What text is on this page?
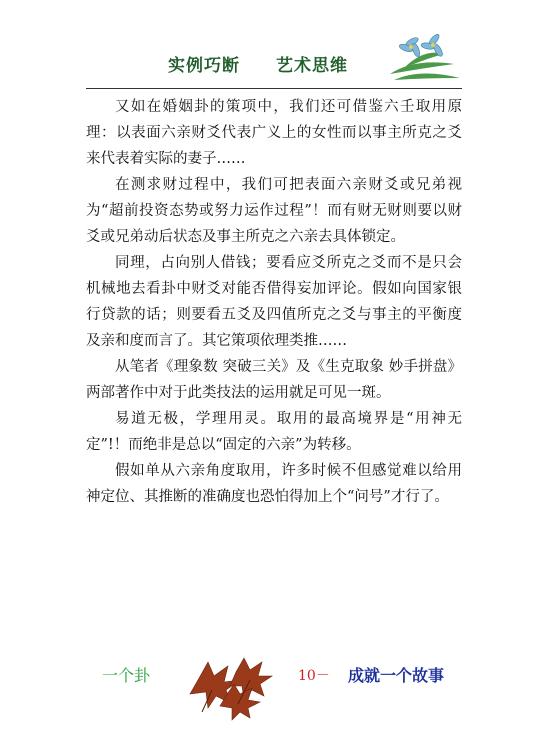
实例巧断 艺术思维

又如在婚姻卦的策项中，我们还可借鉴六壬取用原理：以表面六亲财爻代表广义上的女性而以事主所克之爻来代表着实际的妻子……

在测求财过程中，我们可把表面六亲财爻或兄弟视为“超前投资态势或努力运作过程”！而有财无财则要以财爻或兄弟动后状态及事主所克之六亲去具体锁定。

同理，占向别人借钱；要看应爻所克之爻而不是只会机械地去看卦中财爻对能否借得妄加评论。假如向国家银行贷款的话；则要看五爻及四值所克之爻与事主的平衡度及亲和度而言了。其它策项依理类推……

从笔者《理象数 突破三关》及《生克取象 妙手拼盘》两部著作中对于此类技法的运用就足可见一斑。

易道无极，学理用灵。取用的最高境界是“用神无定”!！而绝非是总以“固定的六亲”为转移。

假如单从六亲角度取用，许多时候不但感觉难以给用神定位、其推断的准确度也恐怕得加上个“问号”才行了。

一个卦	10－ 成就一个故事
